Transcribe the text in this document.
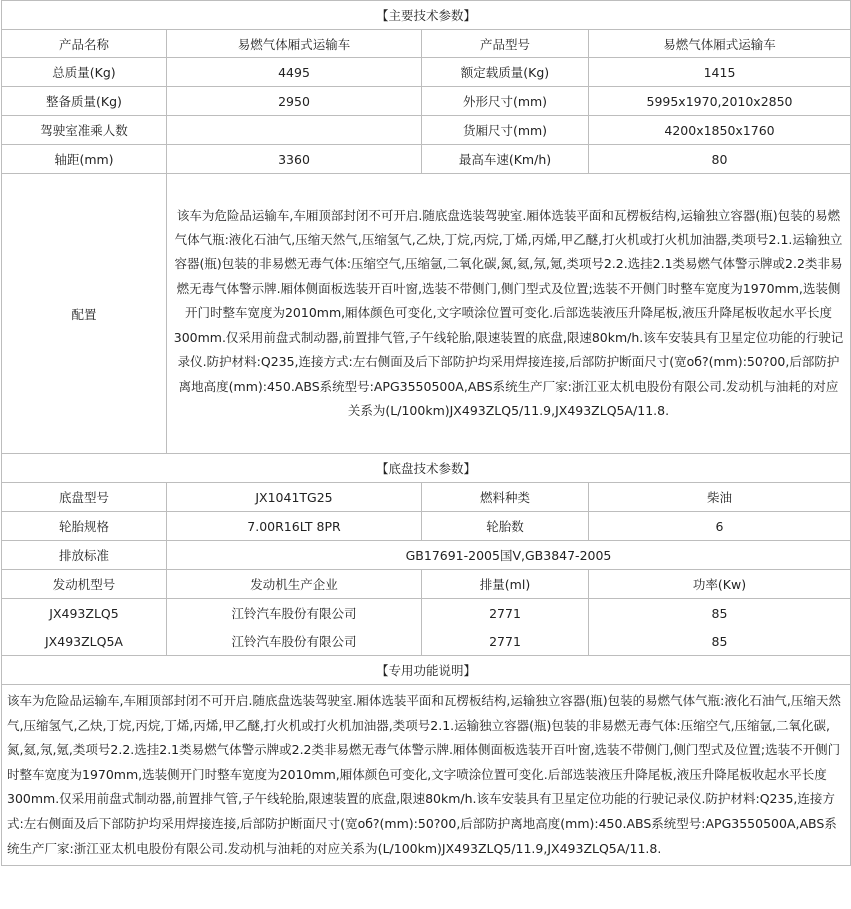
【主要技术参数】			
产品名称	易燃气体厢式运输车	产品型号	易燃气体厢式运输车
总质量(Kg)	4495	额定载质量(Kg)	1415
整备质量(Kg)	2950	外形尺寸(mm)	5995x1970,2010x2850
驾驶室准乘人数		货厢尺寸(mm)	4200x1850x1760
轴距(mm)	3360	最高车速(Km/h)	80
配置	该车为危险品运输车,车厢顶部封闭不可开启.随底盘选装驾驶室.厢体选装平面和瓦楞板结构,运输独立容器(瓶)包装的易燃气体气瓶:液化石油气,压缩天然气,压缩氢气,乙炔,丁烷,丙烷,丁烯,丙烯,甲乙醚,打火机或打火机加油器,类项号2.1.运输独立容器(瓶)包装的非易燃无毒气体:压缩空气,压缩氩,二氧化碳,氮,氦,氖,氪,类项号2.2.选挂2.1类易燃气体警示牌或2.2类非易燃无毒气体警示牌.厢体侧面板选装开百叶窗,选装不带侧门,侧门型式及位置;选装不开侧门时整车宽度为1970mm,选装侧开门时整车宽度为2010mm,厢体颜色可变化,文字喷涂位置可变化.后部选装液压升降尾板,液压升降尾板收起水平长度300mm.仅采用前盘式制动器,前置排气管,子午线轮胎,限速装置的底盘,限速80km/h.该车安装具有卫星定位功能的行驶记录仪.防护材料:Q235,连接方式:左右侧面及后下部防护均采用焊接连接,后部防护断面尺寸(宽об?(mm):50?00,后部防护离地高度(mm):450.ABS系统型号:APG3550500A,ABS系统生产厂家:浙江亚太机电股份有限公司.发动机与油耗的对应关系为(L/100km)JX493ZLQ5/11.9,JX493ZLQ5A/11.8.		
【底盘技术参数】			
底盘型号	JX1041TG25	燃料种类	柴油
轮胎规格	7.00R16LT 8PR	轮胎数	6
排放标准	GB17691-2005国Ⅴ,GB3847-2005		
发动机型号	发动机生产企业	排量(ml)	功率(Kw)
JX493ZLQ5	江铃汽车股份有限公司	2771	85
JX493ZLQ5A	江铃汽车股份有限公司	2771	85
【专用功能说明】			
该车为危险品运输车,车厢顶部封闭不可开启.随底盘选装驾驶室.厢体选装平面和瓦楞板结构,运输独立容器(瓶)包装的易燃气体气瓶:液化石油气,压缩天然气,压缩氢气,乙炔,丁烷,丙烷,丁烯,丙烯,甲乙醚,打火机或打火机加油器,类项号2.1.运输独立容器(瓶)包装的非易燃无毒气体:压缩空气,压缩氩,二氧化碳,氮,氦,氖,氪,类项号2.2.选挂2.1类易燃气体警示牌或2.2类非易燃无毒气体警示牌.厢体侧面板选装开百叶窗,选装不带侧门,侧门型式及位置;选装不开侧门时整车宽度为1970mm,选装侧开门时整车宽度为2010mm,厢体颜色可变化,文字喷涂位置可变化.后部选装液压升降尾板,液压升降尾板收起水平长度300mm.仅采用前盘式制动器,前置排气管,子午线轮胎,限速装置的底盘,限速80km/h.该车安装具有卫星定位功能的行驶记录仪.防护材料:Q235,连接方式:左右侧面及后下部防护均采用焊接连接,后部防护断面尺寸(宽об?(mm):50?00,后部防护离地高度(mm):450.ABS系统型号:APG3550500A,ABS系统生产厂家:浙江亚太机电股份有限公司.发动机与油耗的对应关系为(L/100km)JX493ZLQ5/11.9,JX493ZLQ5A/11.8.			
